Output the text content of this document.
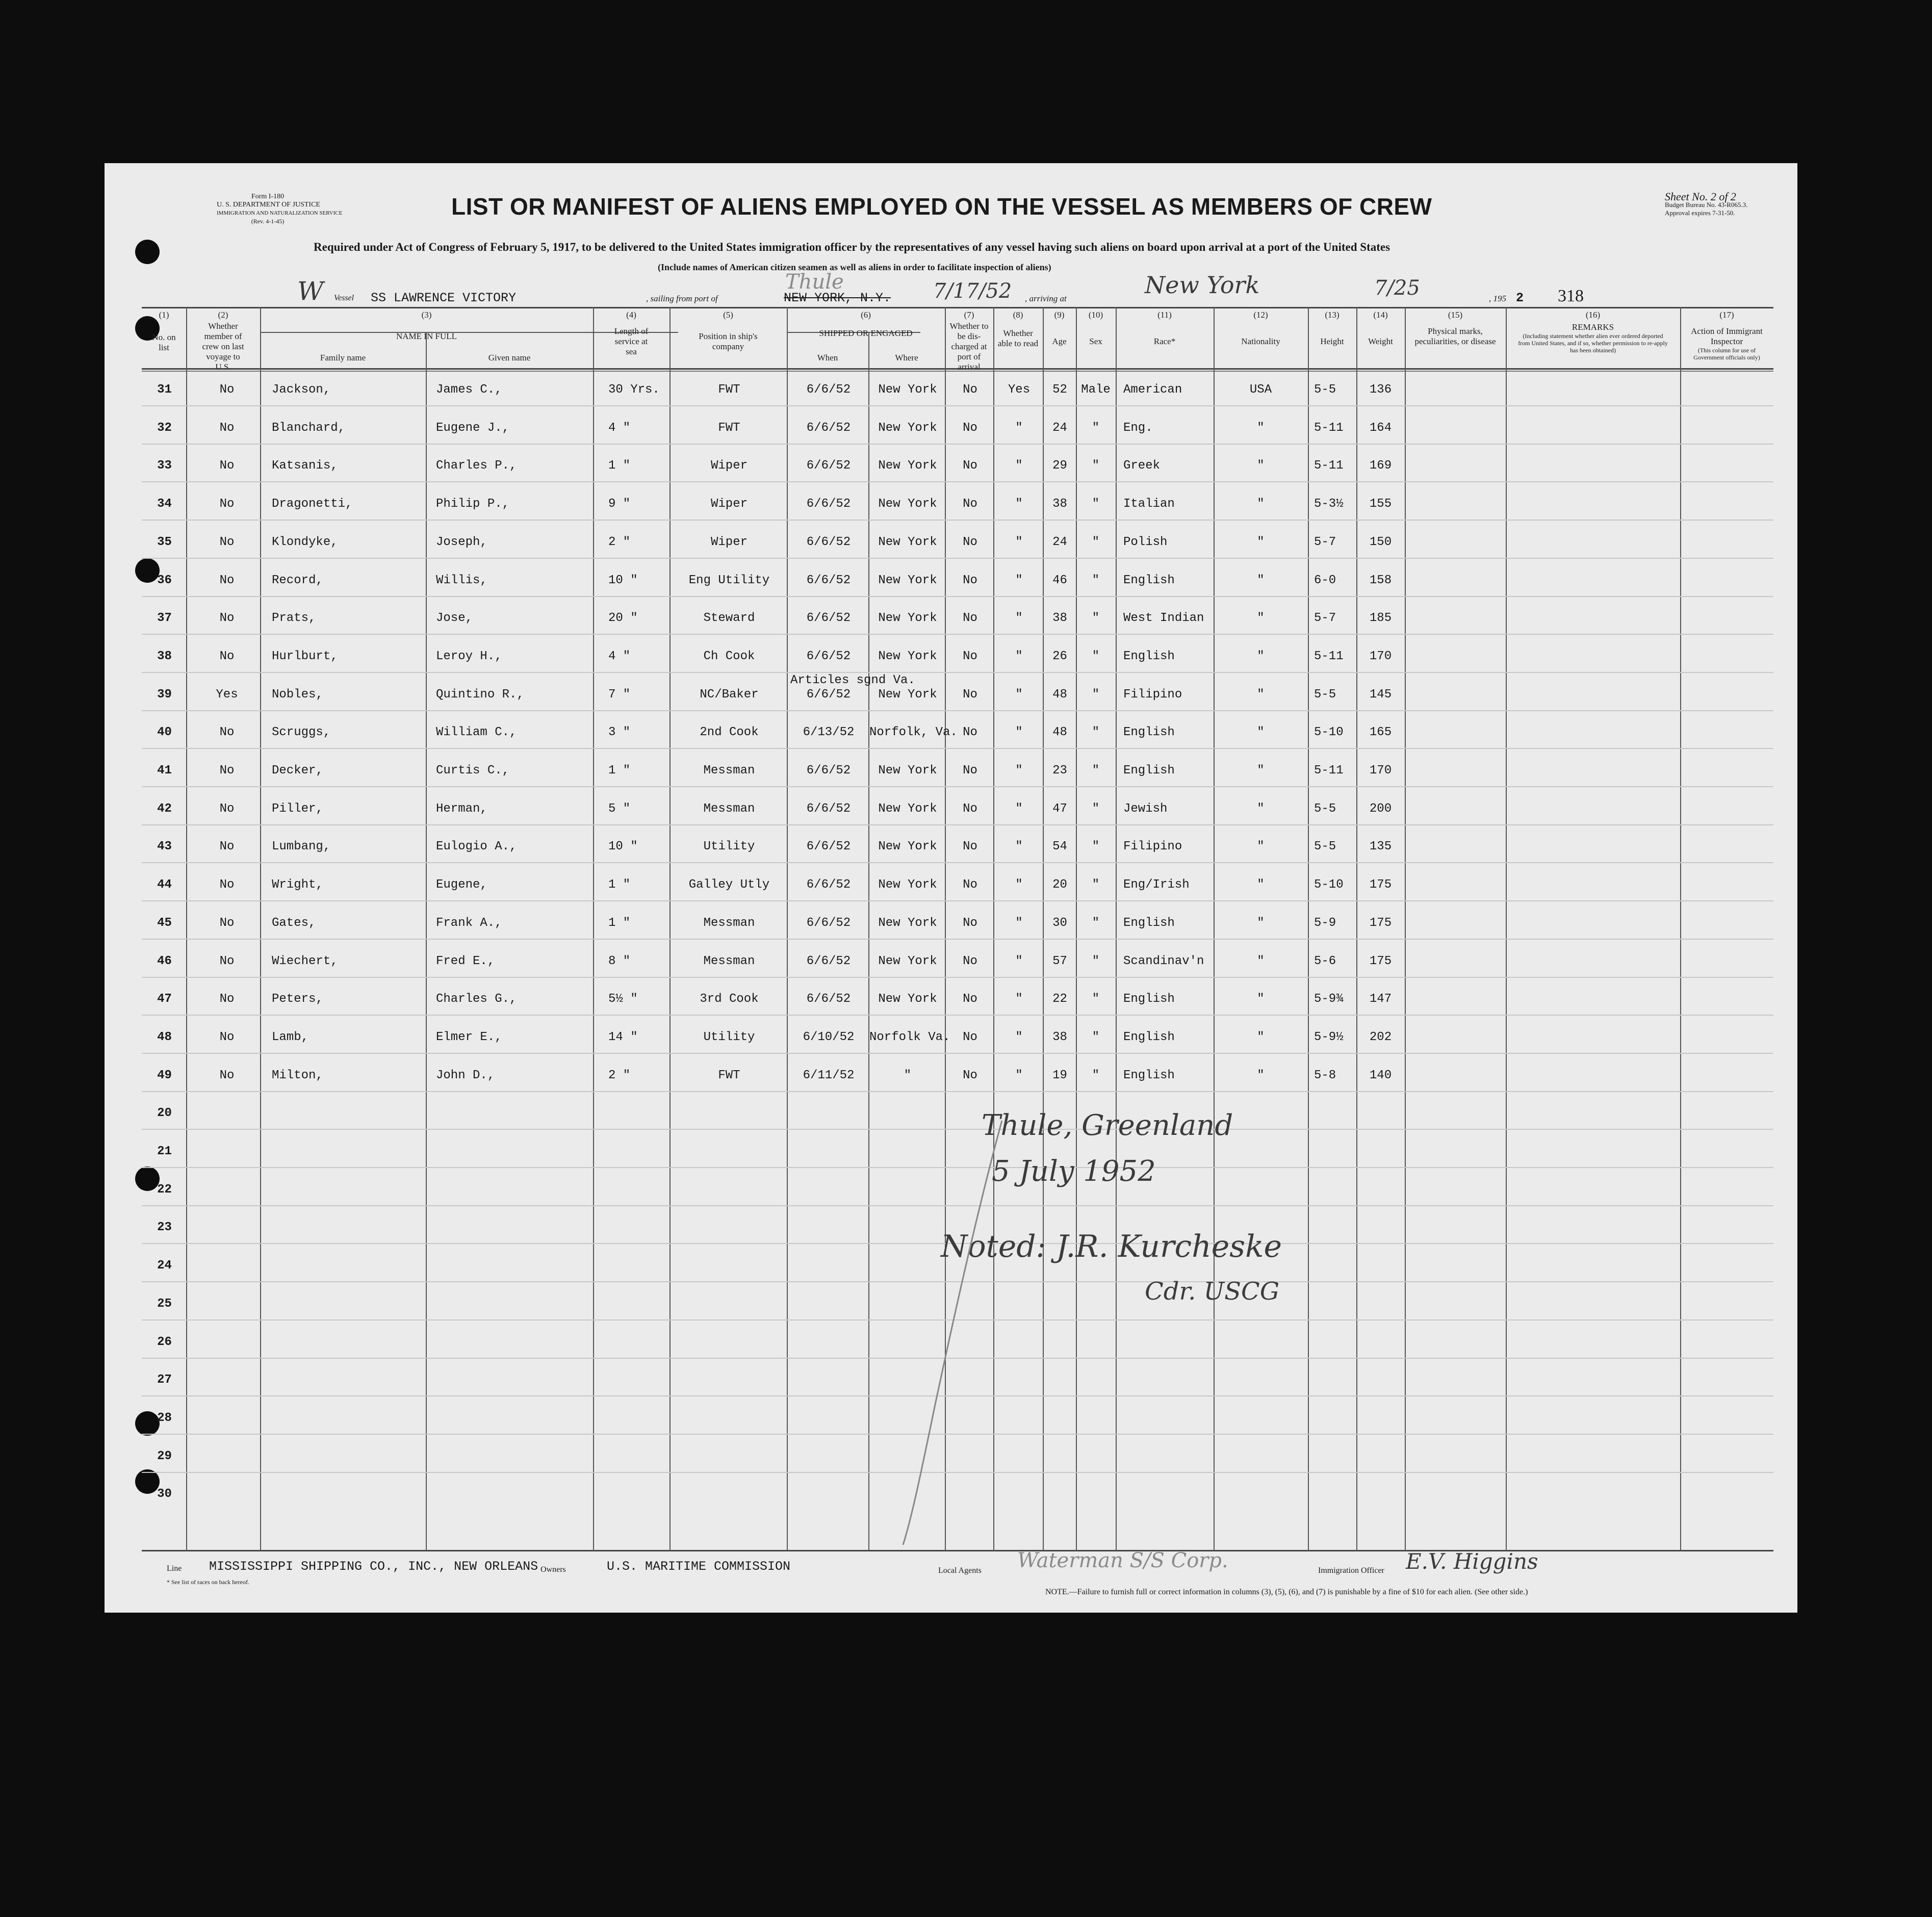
Form I-180
U. S. DEPARTMENT OF JUSTICE
IMMIGRATION AND NATURALIZATION SERVICE
(Rev. 4-1-45)
LIST OR MANIFEST OF ALIENS EMPLOYED ON THE VESSEL AS MEMBERS OF CREW	Sheet No. 2 of 2
Budget Bureau No. 43-R065.3.
Approval expires 7-31-50.
Required under Act of Congress of February 5, 1917, to be delivered to the United States immigration officer by the representatives of any vessel having such aliens on board upon arrival at a port of the United States
(Include names of American citizen seamen as well as aliens in order to facilitate inspection of aliens)
W Vessel SS LAWRENCE VICTORY	, sailing from port of
Thule
NEW YORK, N.Y. 7/17/52 , arriving at	New York	7/25	, 195 2 318
(1)
No. on list
(2)
Whether member of crew on last voyage to U.S.
(3)
NAME IN FULL
Family name	Given name
(4)
Length of service at sea
(5)
Position in ship's company
(6)
SHIPPED OR ENGAGED
When	Where
(7)
Whether to be dis-charged at port of arrival
(8)
Whether able to read
(9)
Age
(10)
Sex
(11)
Race*
(12)
Nationality
(13)
Height
(14)
Weight
(15)
Physical marks, peculiarities, or disease
(16)
REMARKS
(Including statement whether alien ever ordered deported from United States, and if so, whether permission to re-apply has been obtained)
(17)
Action of Immigrant Inspector
(This column for use of Government officials only)
31	No	Jackson,	James C.,	30 Yrs.	FWT	6/6/52	New York	No	Yes	52	Male	American	USA	5-5	136
32	No	Blanchard,	Eugene J.,	4 "	FWT	6/6/52	New York	No	"	24	"	Eng.	"	5-11	164
33	No	Katsanis,	Charles P.,	1 "	Wiper	6/6/52	New York	No	"	29	"	Greek	"	5-11	169
34	No	Dragonetti,	Philip P.,	9 "	Wiper	6/6/52	New York	No	"	38	"	Italian	"	5-3½	155
35	No	Klondyke,	Joseph,	2 "	Wiper	6/6/52	New York	No	"	24	"	Polish	"	5-7	150
36	No	Record,	Willis,	10 "	Eng Utility	6/6/52	New York	No	"	46	"	English	"	6-0	158
37	No	Prats,	Jose,	20 "	Steward	6/6/52	New York	No	"	38	"	West Indian	"	5-7	185
38	No	Hurlburt,	Leroy H.,	4 "	Ch Cook	6/6/52	New York	No	"	26	"	English	"	5-11	170
39	Yes	Nobles,	Quintino R.,	7 "	NC/Baker	6/6/52	New York	No	"	48	"	Filipino	"	5-5	145
Articles sgnd Va.
40	No	Scruggs,	William C.,	3 "	2nd Cook	6/13/52	Norfolk, Va. No	"	48	"	English	"	5-10	165
41	No	Decker,	Curtis C.,	1 "	Messman	6/6/52	New York	No	"	23	"	English	"	5-11	170
42	No	Piller,	Herman,	5 "	Messman	6/6/52	New York	No	"	47	"	Jewish	"	5-5	200
43	No	Lumbang,	Eulogio A.,	10 "	Utility	6/6/52	New York	No	"	54	"	Filipino	"	5-5	135
44	No	Wright,	Eugene,	1 "	Galley Utly	6/6/52	New York	No	"	20	"	Eng/Irish	"	5-10	175
45	No	Gates,	Frank A.,	1 "	Messman	6/6/52	New York	No	"	30	"	English	"	5-9	175
46	No	Wiechert,	Fred E.,	8 "	Messman	6/6/52	New York	No	"	57	"	Scandinav'n	"	5-6	175
47	No	Peters,	Charles G.,	5½ "	3rd Cook	6/6/52	New York	No	"	22	"	English	"	5-9¾	147
48	No	Lamb,	Elmer E.,	14 "	Utility	6/10/52	Norfolk Va.	No	"	38	"	English	"	5-9½	202
49	No	Milton,	John D.,	2 "	FWT	6/11/52	"	No	"	19	"	English	"	5-8	140
20
21
22
23
24
25
26
27
28
29
30
Thule, Greenland
5 July 1952
Noted: J.R. Kurcheske
Cdr. USCG
Line MISSISSIPPI SHIPPING CO., INC., NEW ORLEANS Owners	U.S. MARITIME COMMISSION	Local Agents Waterman S/S Corp.	Immigration Officer E.V. Higgins
* See list of races on back hereof.
NOTE.—Failure to furnish full or correct information in columns (3), (5), (6), and (7) is punishable by a fine of $10 for each alien. (See other side.)
